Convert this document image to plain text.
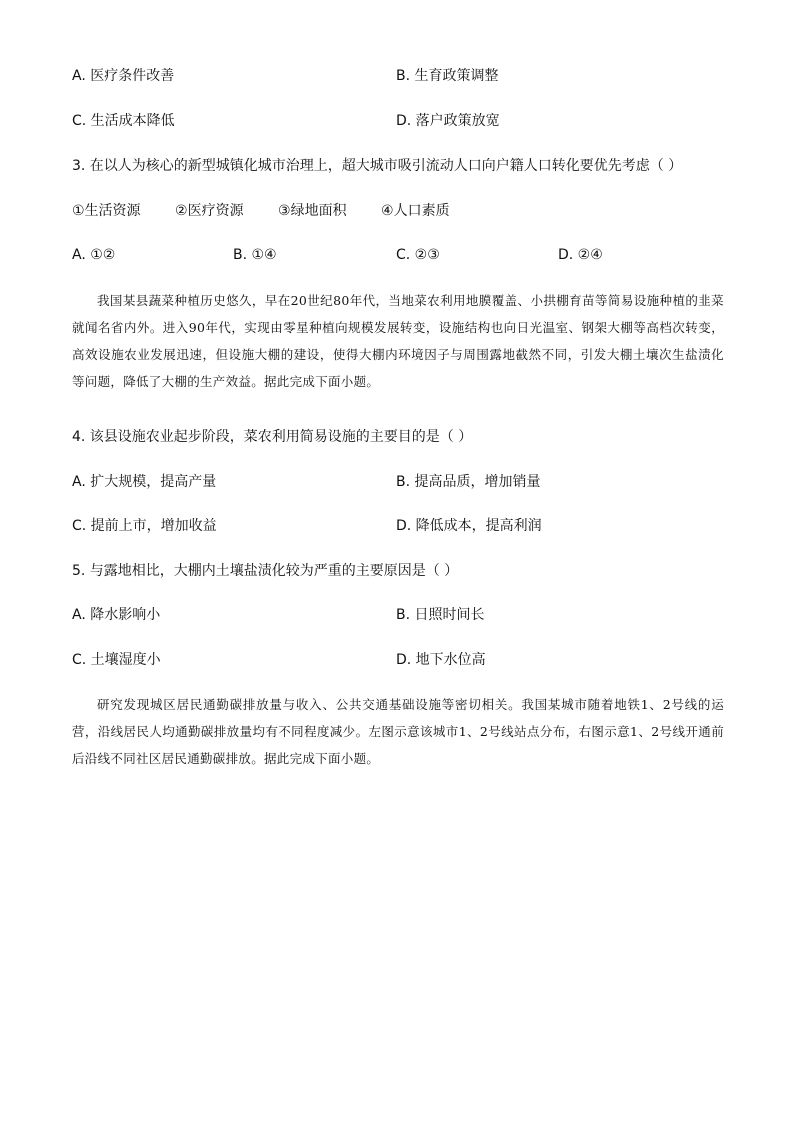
A. 医疗条件改善	B. 生育政策调整
C. 生活成本降低	D. 落户政策放宽
3. 在以人为核心的新型城镇化城市治理上，超大城市吸引流动人口向户籍人口转化要优先考虑（ ）
①生活资源 ②医疗资源 ③绿地面积 ④人口素质
A. ①②	B. ①④	C. ②③	D. ②④
我国某县蔬菜种植历史悠久，早在20世纪80年代，当地菜农利用地膜覆盖、小拱棚育苗等简易设施种植的韭菜就闻名省内外。进入90年代，实现由零星种植向规模发展转变，设施结构也向日光温室、钢架大棚等高档次转变，高效设施农业发展迅速，但设施大棚的建设，使得大棚内环境因子与周围露地截然不同，引发大棚土壤次生盐渍化等问题，降低了大棚的生产效益。据此完成下面小题。
4. 该县设施农业起步阶段，菜农利用简易设施的主要目的是（ ）
A. 扩大规模，提高产量	B. 提高品质，增加销量
C. 提前上市，增加收益	D. 降低成本，提高利润
5. 与露地相比，大棚内土壤盐渍化较为严重的主要原因是（ ）
A. 降水影响小	B. 日照时间长
C. 土壤湿度小	D. 地下水位高
研究发现城区居民通勤碳排放量与收入、公共交通基础设施等密切相关。我国某城市随着地铁1、2号线的运营，沿线居民人均通勤碳排放量均有不同程度减少。左图示意该城市1、2号线站点分布，右图示意1、2号线开通前后沿线不同社区居民通勤碳排放。据此完成下面小题。
